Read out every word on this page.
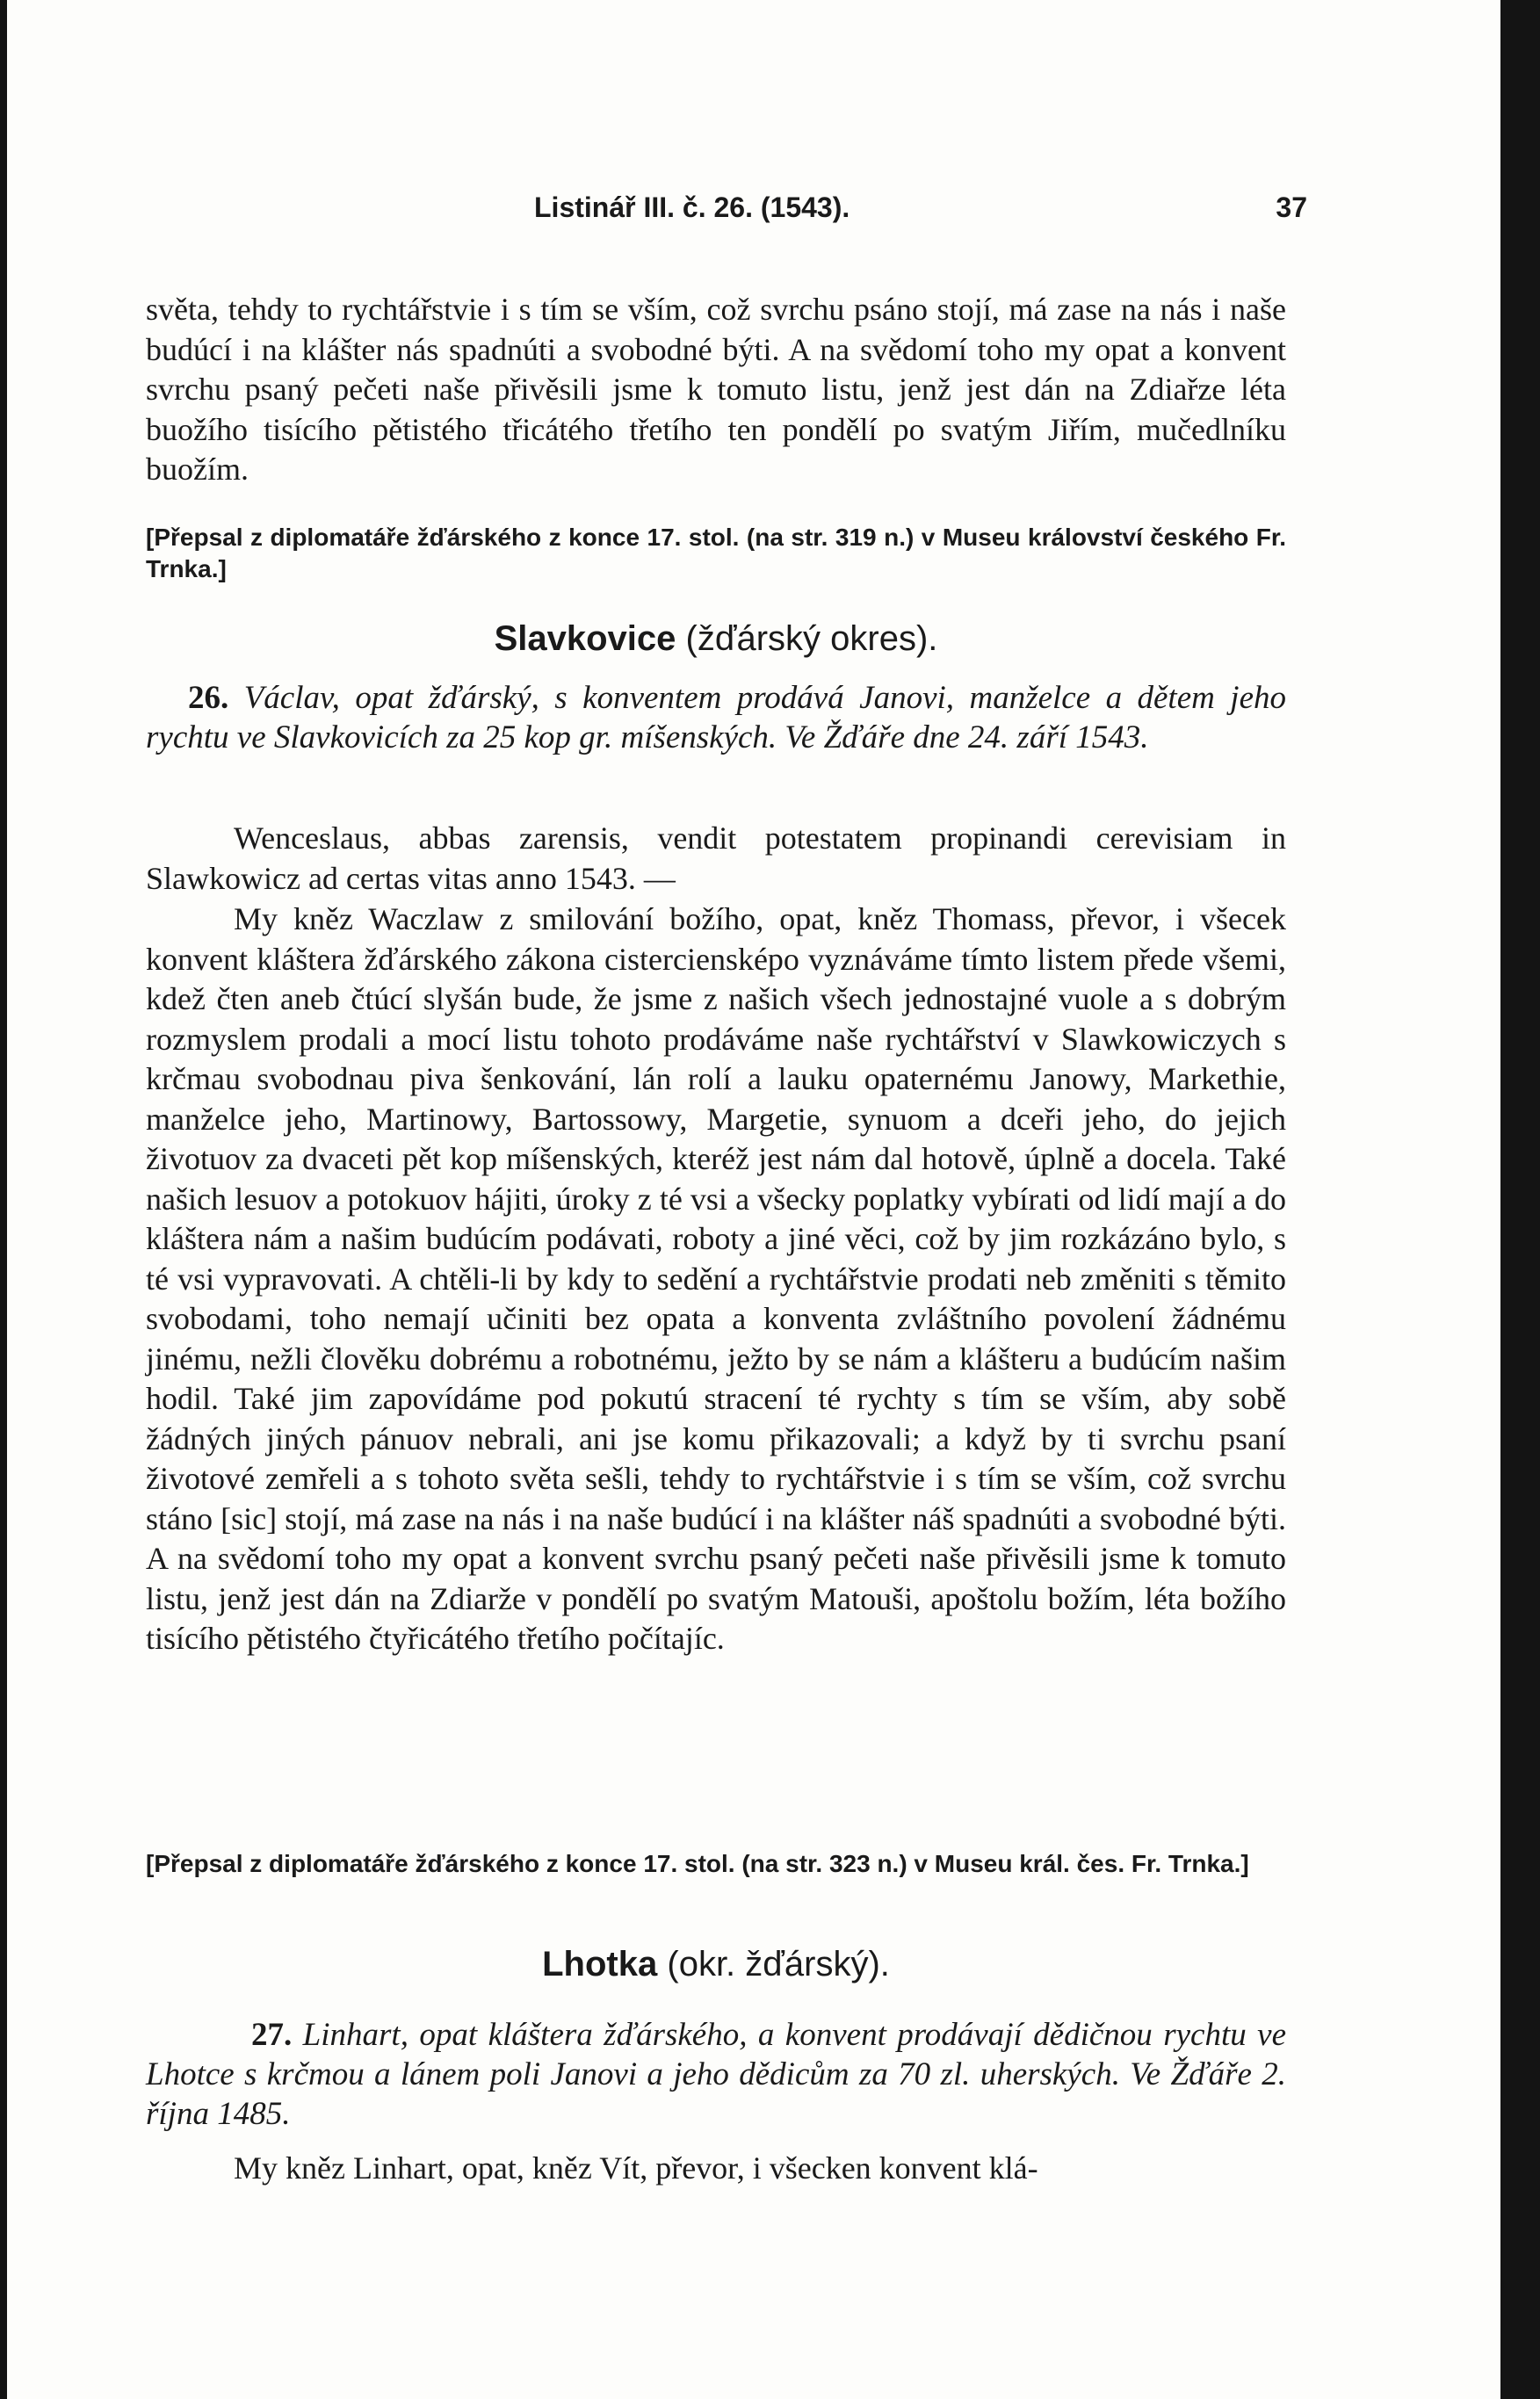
Listinář III. č. 26. (1543).	37
světa, tehdy to rychtářstvie i s tím se vším, což svrchu psáno stojí, má zase na nás i naše budúcí i na klášter nás spadnúti a svobodné býti. A na svědomí toho my opat a konvent svrchu psaný pečeti naše přivěsili jsme k tomuto listu, jenž jest dán na Zdiařze léta buožího tisícího pětistého třicátého třetího ten pondělí po svatým Jiřím, mučedlníku buožím.
[Přepsal z diplomatáře žďárského z konce 17. stol. (na str. 319 n.) v Museu království českého Fr. Trnka.]
Slavkovice (žďárský okres).
26. Václav, opat žďárský, s konventem prodává Janovi, manželce a dětem jeho rychtu ve Slavkovicích za 25 kop gr. míšenských. Ve Žďáře dne 24. září 1543.
Wenceslaus, abbas zarensis, vendit potestatem propinandi cerevisiam in Slawkowicz ad certas vitas anno 1543. —
My kněz Waczlaw z smilování božího, opat, kněz Thomass, převor, i všecek konvent kláštera žďárského zákona cisterciensképo vyznáváme tímto listem přede všemi, kdež čten aneb čtúcí slyšán bude, že jsme z našich všech jednostajné vuole a s dobrým rozmyslem prodali a mocí listu tohoto prodáváme naše rychtářství v Slawkowiczych s krčmau svobodnau piva šenkování, lán rolí a lauku opaternému Janowy, Markethie, manželce jeho, Martinowy, Bartossowy, Margetie, synuom a dceři jeho, do jejich životuov za dvaceti pět kop míšenských, kteréž jest nám dal hotově, úplně a docela. Také našich lesuov a potokuov hájiti, úroky z té vsi a všecky poplatky vybírati od lidí mají a do kláštera nám a našim budúcím podávati, roboty a jiné věci, což by jim rozkázáno bylo, s té vsi vypravovati. A chtěli-li by kdy to sedění a rychtářstvie prodati neb změniti s těmito svobodami, toho nemají učiniti bez opata a konventa zvláštního povolení žádnému jinému, nežli člověku dobrému a robotnému, ježto by se nám a klášteru a budúcím našim hodil. Také jim zapovídáme pod pokutú stracení té rychty s tím se vším, aby sobě žádných jiných pánuov nebrali, ani jse komu přikazovali; a když by ti svrchu psaní životové zemřeli a s tohoto světa sešli, tehdy to rychtářstvie i s tím se vším, což svrchu stáno [sic] stojí, má zase na nás i na naše budúcí i na klášter náš spadnúti a svobodné býti. A na svědomí toho my opat a konvent svrchu psaný pečeti naše přivěsili jsme k tomuto listu, jenž jest dán na Zdiarže v pondělí po svatým Matouši, apoštolu božím, léta božího tisícího pětistého čtyřicátého třetího počítajíc.
[Přepsal z diplomatáře žďárského z konce 17. stol. (na str. 323 n.) v Museu král. čes. Fr. Trnka.]
Lhotka (okr. žďárský).
27. Linhart, opat kláštera žďárského, a konvent prodávají dědičnou rychtu ve Lhotce s krčmou a lánem poli Janovi a jeho dědicům za 70 zl. uherských. Ve Žďáře 2. října 1485.
My kněz Linhart, opat, kněz Vít, převor, i všecken konvent klá-
